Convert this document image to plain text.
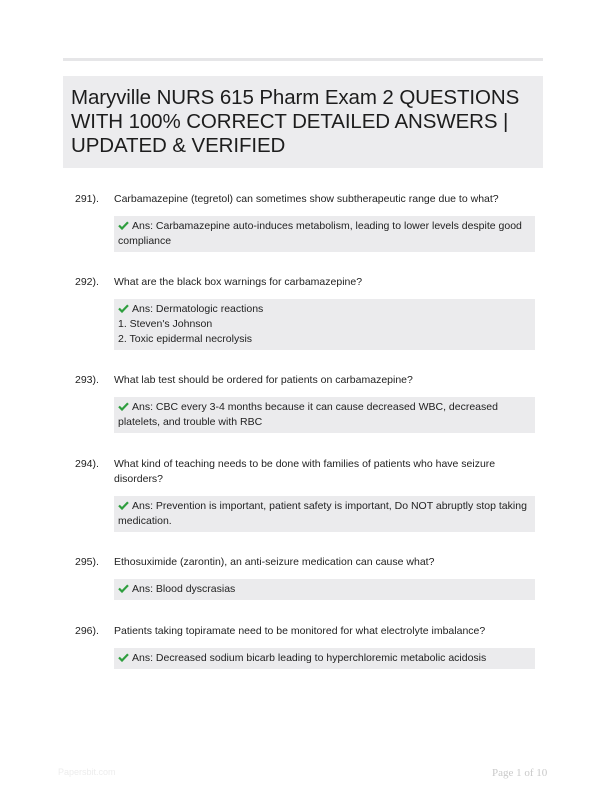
Maryville NURS 615 Pharm Exam 2 QUESTIONS WITH 100% CORRECT DETAILED ANSWERS | UPDATED & VERIFIED
291).	Carbamazepine (tegretol) can sometimes show subtherapeutic range due to what?
Ans: Carbamazepine auto-induces metabolism, leading to lower levels despite good compliance
292).	What are the black box warnings for carbamazepine?
Ans: Dermatologic reactions
1. Steven's Johnson
2. Toxic epidermal necrolysis
293).	What lab test should be ordered for patients on carbamazepine?
Ans: CBC every 3-4 months because it can cause decreased WBC, decreased platelets, and trouble with RBC
294).	What kind of teaching needs to be done with families of patients who have seizure disorders?
Ans: Prevention is important, patient safety is important, Do NOT abruptly stop taking medication.
295).	Ethosuximide (zarontin), an anti-seizure medication can cause what?
Ans: Blood dyscrasias
296).	Patients taking topiramate need to be monitored for what electrolyte imbalance?
Ans: Decreased sodium bicarb leading to hyperchloremic metabolic acidosis
Papersbit.com	Page 1 of 10
